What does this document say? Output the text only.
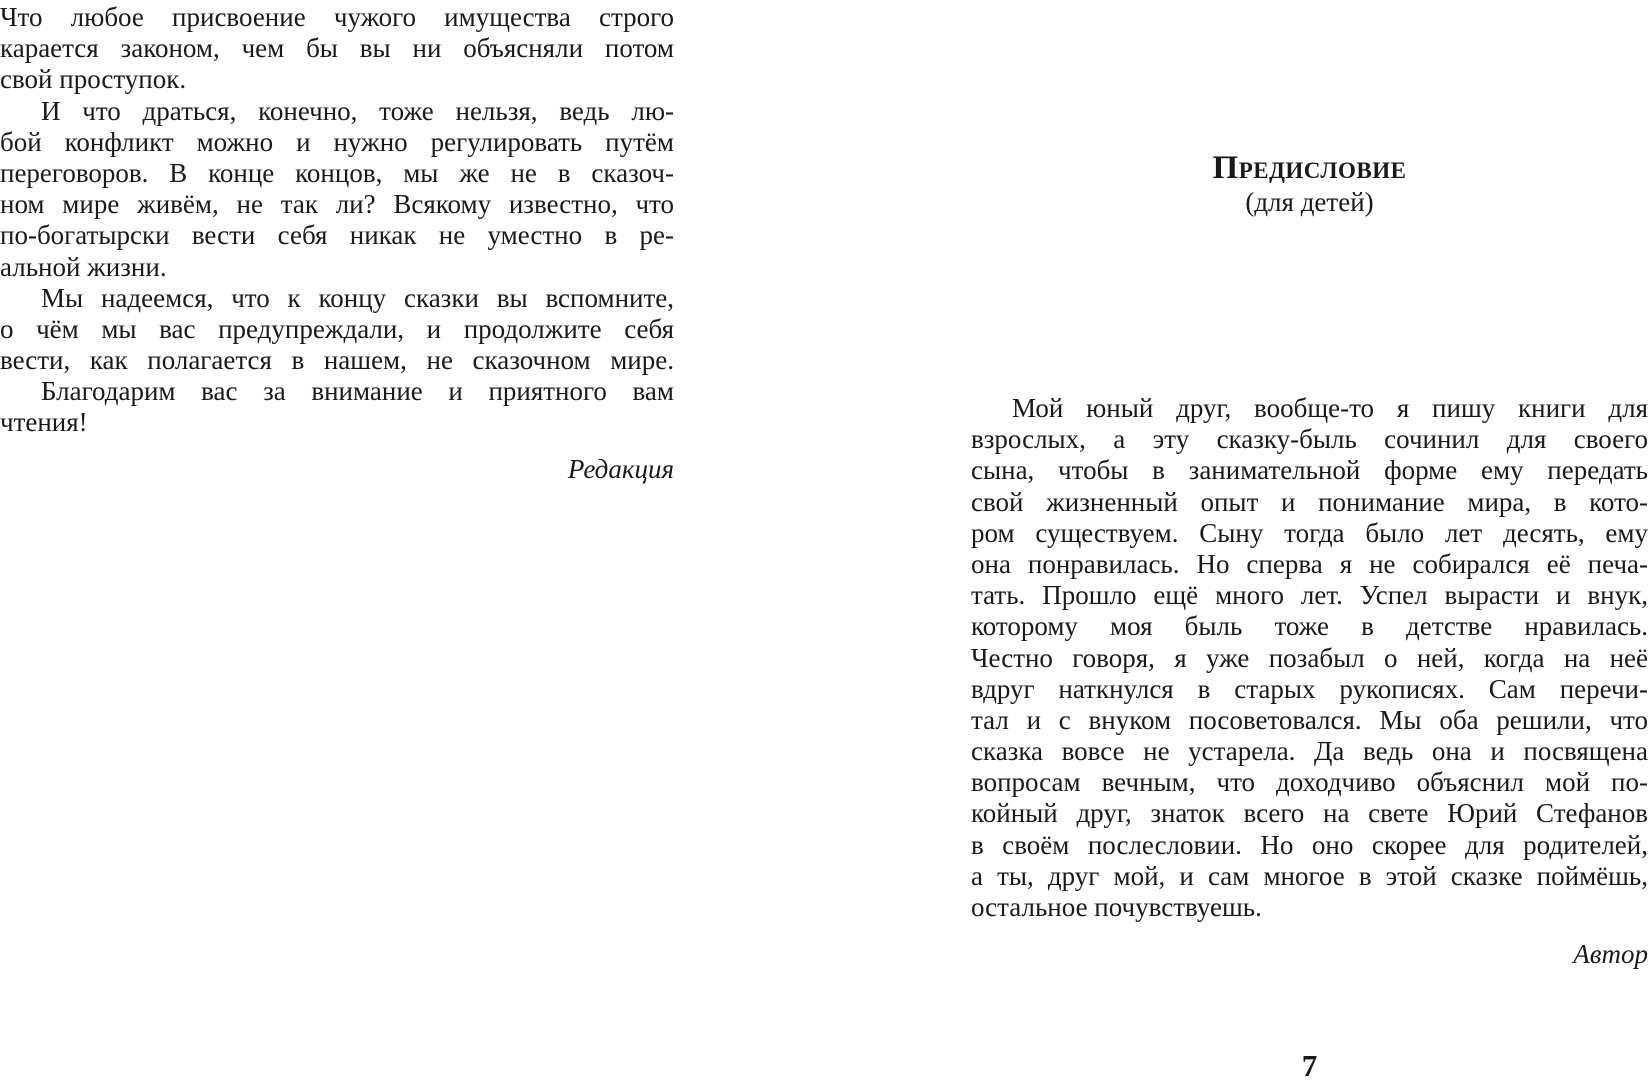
Что любое присвоение чужого имущества строго
карается законом, чем бы вы ни объясняли потом
свой проступок.
И что драться, конечно, тоже нельзя, ведь лю-
бой конфликт можно и нужно регулировать путём
переговоров. В конце концов, мы же не в сказоч-
ном мире живём, не так ли? Всякому известно, что
по-богатырски вести себя никак не уместно в ре-
альной жизни.
Мы надеемся, что к концу сказки вы вспомните,
о чём мы вас предупреждали, и продолжите себя
вести, как полагается в нашем, не сказочном мире.
Благодарим вас за внимание и приятного вам
чтения!
Редакция
Предисловие
(для детей)
Мой юный друг, вообще-то я пишу книги для
взрослых, а эту сказку-быль сочинил для своего
сына, чтобы в занимательной форме ему передать
свой жизненный опыт и понимание мира, в кото-
ром существуем. Сыну тогда было лет десять, ему
она понравилась. Но сперва я не собирался её печа-
тать. Прошло ещё много лет. Успел вырасти и внук,
которому моя быль тоже в детстве нравилась.
Честно говоря, я уже позабыл о ней, когда на неё
вдруг наткнулся в старых рукописях. Сам перечи-
тал и с внуком посоветовался. Мы оба решили, что
сказка вовсе не устарела. Да ведь она и посвящена
вопросам вечным, что доходчиво объяснил мой по-
койный друг, знаток всего на свете Юрий Стефанов
в своём послесловии. Но оно скорее для родителей,
а ты, друг мой, и сам многое в этой сказке поймёшь,
остальное почувствуешь.
Автор
7
